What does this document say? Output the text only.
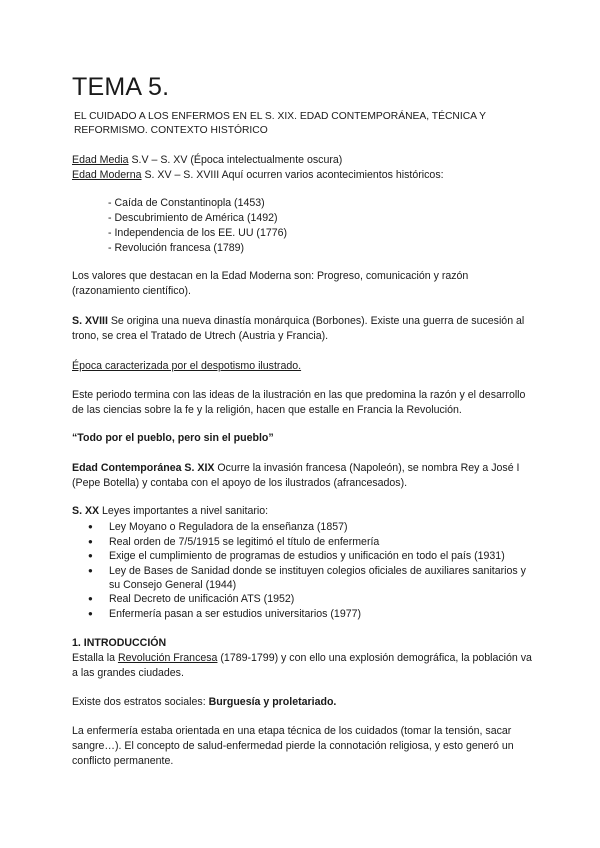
TEMA 5.

EL CUIDADO A LOS ENFERMOS EN EL S. XIX. EDAD CONTEMPORÁNEA, TÉCNICA Y REFORMISMO. CONTEXTO HISTÓRICO

Edad Media S.V – S. XV (Época intelectualmente oscura)

Edad Moderna S. XV – S. XVIII Aquí ocurren varios acontecimientos históricos:

- Caída de Constantinopla (1453)
- Descubrimiento de América (1492)
- Independencia de los EE. UU (1776)
- Revolución francesa (1789)

Los valores que destacan en la Edad Moderna son: Progreso, comunicación y razón (razonamiento científico).

S. XVIII Se origina una nueva dinastía monárquica (Borbones). Existe una guerra de sucesión al trono, se crea el Tratado de Utrech (Austria y Francia).

Época caracterizada por el despotismo ilustrado.

Este periodo termina con las ideas de la ilustración en las que predomina la razón y el desarrollo de las ciencias sobre la fe y la religión, hacen que estalle en Francia la Revolución.

“Todo por el pueblo, pero sin el pueblo”

Edad Contemporánea S. XIX Ocurre la invasión francesa (Napoleón), se nombra Rey a José I (Pepe Botella) y contaba con el apoyo de los ilustrados (afrancesados).

S. XX Leyes importantes a nivel sanitario:

● Ley Moyano o Reguladora de la enseñanza (1857)
● Real orden de 7/5/1915 se legitimó el título de enfermería
● Exige el cumplimiento de programas de estudios y unificación en todo el país (1931)
● Ley de Bases de Sanidad donde se instituyen colegios oficiales de auxiliares sanitarios y su Consejo General (1944)
● Real Decreto de unificación ATS (1952)
● Enfermería pasan a ser estudios universitarios (1977)

1. INTRODUCCIÓN

Estalla la Revolución Francesa (1789-1799) y con ello una explosión demográfica, la población va a las grandes ciudades.

Existe dos estratos sociales: Burguesía y proletariado.

La enfermería estaba orientada en una etapa técnica de los cuidados (tomar la tensión, sacar sangre…). El concepto de salud-enfermedad pierde la connotación religiosa, y esto generó un conflicto permanente.
